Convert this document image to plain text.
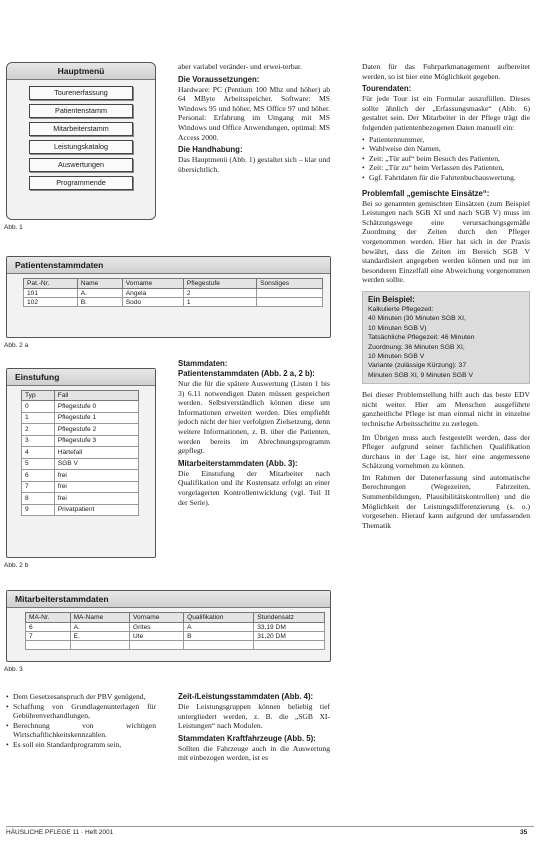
Hauptmenü
Tourenerfassung
Patientenstamm
Mitarbeiterstamm
Leistungskatalog
Auswertungen
Programmende
Abb. 1
Patientenstammdaten
Pat.-Nr.	Name	Vorname	Pflegestufe	Sonstiges
101	A.	Angela	2	
102	B.	Sodo	1	
Abb. 2 a
Einstufung
Typ	Fall
0	Pflegestufe 0
1	Pflegestufe 1
2	Pflegestufe 2
3	Pflegestufe 3
4	Härtefall
5	SGB V
6	frei
7	frei
8	frei
9	Privatpatient
Abb. 2 b
Mitarbeiterstammdaten
MA-Nr.	MA-Name	Vorname	Qualifikation	Stundensatz
6	A.	Grites	A	33,19 DM
7	E.	Ute	B	31,20 DM

Abb. 3
• Dem Gesetzesanspruch der PBV genügend,
• Schaffung von Grundlagenunterlagen für Gebührenverhandlungen,
• Berechnung von wichtigen Wirtschaftlichkeitskennzahlen.
• Es soll ein Standardprogramm sein,

aber variabel veränder- und erwei-terbar.

Die Voraussetzungen:

Hardware: PC (Pentium 100 Mhz und höher) ab 64 MByte Arbeitsspeicher. Software: MS Windows 95 und höher, MS Office 97 und höher. Personal: Erfahrung im Umgang mit MS Windows und Office Anwendungen, optimal: MS Access 2000.

Die Handhabung:

Das Hauptmenü (Abb. 1) gestaltet sich – klar und übersichtlich.

Stammdaten:
Patientenstammdaten (Abb. 2 a, 2 b):

Nur die für die spätere Auswertung (Listen 1 bis 3) 6.11 notwendigen Daten müssen gespeichert werden. Selbstverständlich können diese um Informationen erweitert werden. Dies empfiehlt jedoch nicht der hier verfolgten Zielsetzung, denn weitere Informationen, z. B. über die Patienten, werden bereits im Abrechnungsprogramm gepflegt.

Mitarbeiterstammdaten (Abb. 3):

Die Einstufung der Mitarbeiter nach Qualifikation und ihr Kostensatz erfolgt an einer vorgelagerten Kontrollentwicklung (vgl. Teil II der Serie).

Zeit-/Leistungsstammdaten (Abb. 4):

Die Leistungsgruppen können beliebig tief untergliedert werden, z. B. die „SGB XI-Leistungen“ nach Modulen.

Stammdaten Kraftfahrzeuge (Abb. 5):

Sollten die Fahrzeuge auch in die Auswertung mit einbezogen werden, ist es

Daten für das Fuhrparkmanagement aufbereitet werden, so ist hier eine Möglichkeit gegeben.

Tourendaten:

Für jede Tour ist ein Formular auszufüllen. Dieses sollte ähnlich der „Erfassungsmaske“ (Abb. 6) gestaltet sein. Der Mitarbeiter in der Pflege trägt die folgenden patientenbezogenen Daten manuell ein:

• Patientennummer,
• Wahlweise den Namen,
• Zeit: „Tür auf“ beim Besuch des Patienten,
• Zeit: „Tür zu“ beim Verlassen des Patienten,
• Ggf. Fahrtdaten für die Fahrtenbuchauswertung.
Problemfall „gemischte Einsätze“:

Bei so genannten gemischten Einsätzen (zum Beispiel Leistungen nach SGB XI und nach SGB V) muss im Schätzungswege eine verursachungsgemäße Zuordnung der Zeiten durch den Pfleger vorgenommen werden. Hier hat sich in der Praxis bewährt, dass die Zeiten im Bereich SGB V standardisiert angegeben werden können und nur im besonderen Einzelfall eine Abweichung vorgenommen werden sollte.

Ein Beispiel:
Kalkulierte Pflegezeit:
40 Minuten (30 Minuten SGB XI,
10 Minuten SGB V)
Tatsächliche Pflegezeit: 46 Minuten
Zuordnung: 36 Minuten SGB XI,
10 Minuten SGB V
Variante (zulässige Kürzung): 37
Minuten SGB XI, 9 Minuten SGB V

Bei dieser Problemstellung hilft auch das beste EDV nicht weiter. Hier am Menschen ausgeführte ganzheitliche Pflege ist man einmal nicht in einzelne technische Arbeitsschritte zu zerlegen.

Im Übrigen muss auch festgestellt werden, dass der Pfleger aufgrund seiner fachlichen Qualifikation durchaus in der Lage ist, hier eine angemessene Schätzung vornehmen zu können.

Im Rahmen der Datenerfassung sind automatische Berechnungen (Wegezeiten, Fahrzeiten, Summenbildungen, Plausibilitätskontrollen) und die Möglichkeit der Leistungsdifferenzierung (s. o.) vorgesehen. Hierauf kann aufgrund der umfassenden Thematik

HÄUSLICHE PFLEGE 11 · Heft 2001	35
